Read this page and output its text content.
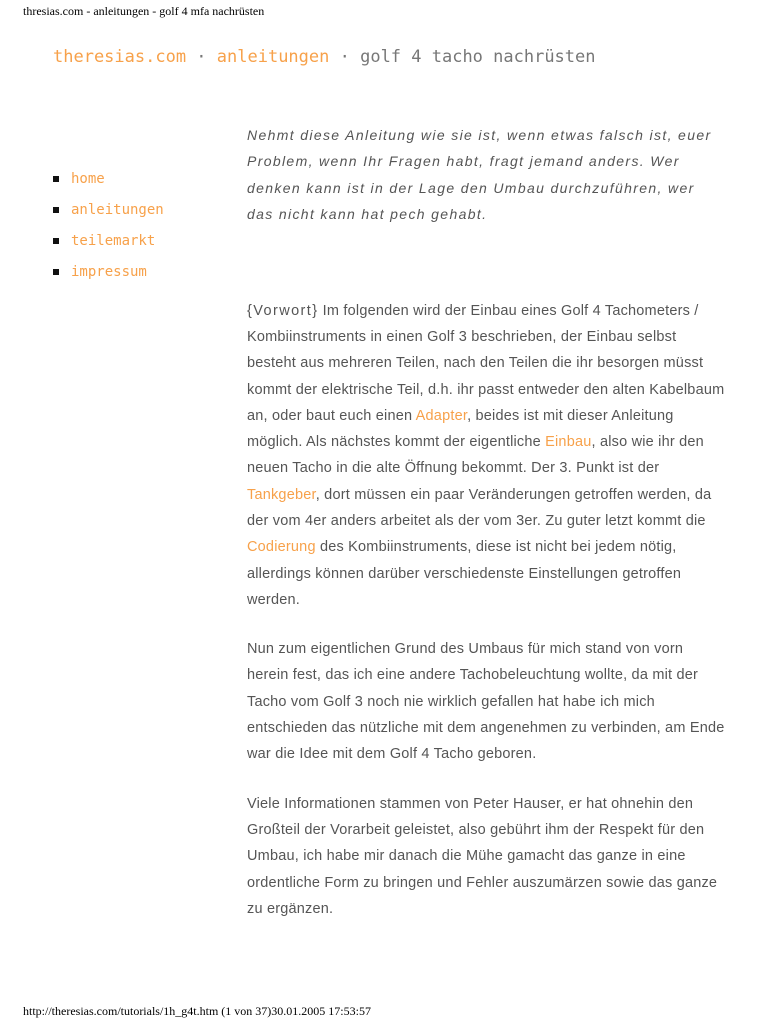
thresias.com - anleitungen - golf 4 mfa nachrüsten
theresias.com · anleitungen · golf 4 tacho nachrüsten
home
anleitungen
teilemarkt
impressum

Nehmt diese Anleitung wie sie ist, wenn etwas falsch ist, euer Problem, wenn Ihr Fragen habt, fragt jemand anders. Wer denken kann ist in der Lage den Umbau durchzuführen, wer das nicht kann hat pech gehabt.

{Vorwort} Im folgenden wird der Einbau eines Golf 4 Tachometers / Kombiinstruments in einen Golf 3 beschrieben, der Einbau selbst besteht aus mehreren Teilen, nach den Teilen die ihr besorgen müsst kommt der elektrische Teil, d.h. ihr passt entweder den alten Kabelbaum an, oder baut euch einen Adapter, beides ist mit dieser Anleitung möglich. Als nächstes kommt der eigentliche Einbau, also wie ihr den neuen Tacho in die alte Öffnung bekommt. Der 3. Punkt ist der Tankgeber, dort müssen ein paar Veränderungen getroffen werden, da der vom 4er anders arbeitet als der vom 3er. Zu guter letzt kommt die Codierung des Kombiinstruments, diese ist nicht bei jedem nötig, allerdings können darüber verschiedenste Einstellungen getroffen werden.

Nun zum eigentlichen Grund des Umbaus für mich stand von vorn herein fest, das ich eine andere Tachobeleuchtung wollte, da mit der Tacho vom Golf 3 noch nie wirklich gefallen hat habe ich mich entschieden das nützliche mit dem angenehmen zu verbinden, am Ende war die Idee mit dem Golf 4 Tacho geboren.

Viele Informationen stammen von Peter Hauser, er hat ohnehin den Großteil der Vorarbeit geleistet, also gebührt ihm der Respekt für den Umbau, ich habe mir danach die Mühe gamacht das ganze in eine ordentliche Form zu bringen und Fehler auszumärzen sowie das ganze zu ergänzen.

http://theresias.com/tutorials/1h_g4t.htm (1 von 37)30.01.2005 17:53:57
